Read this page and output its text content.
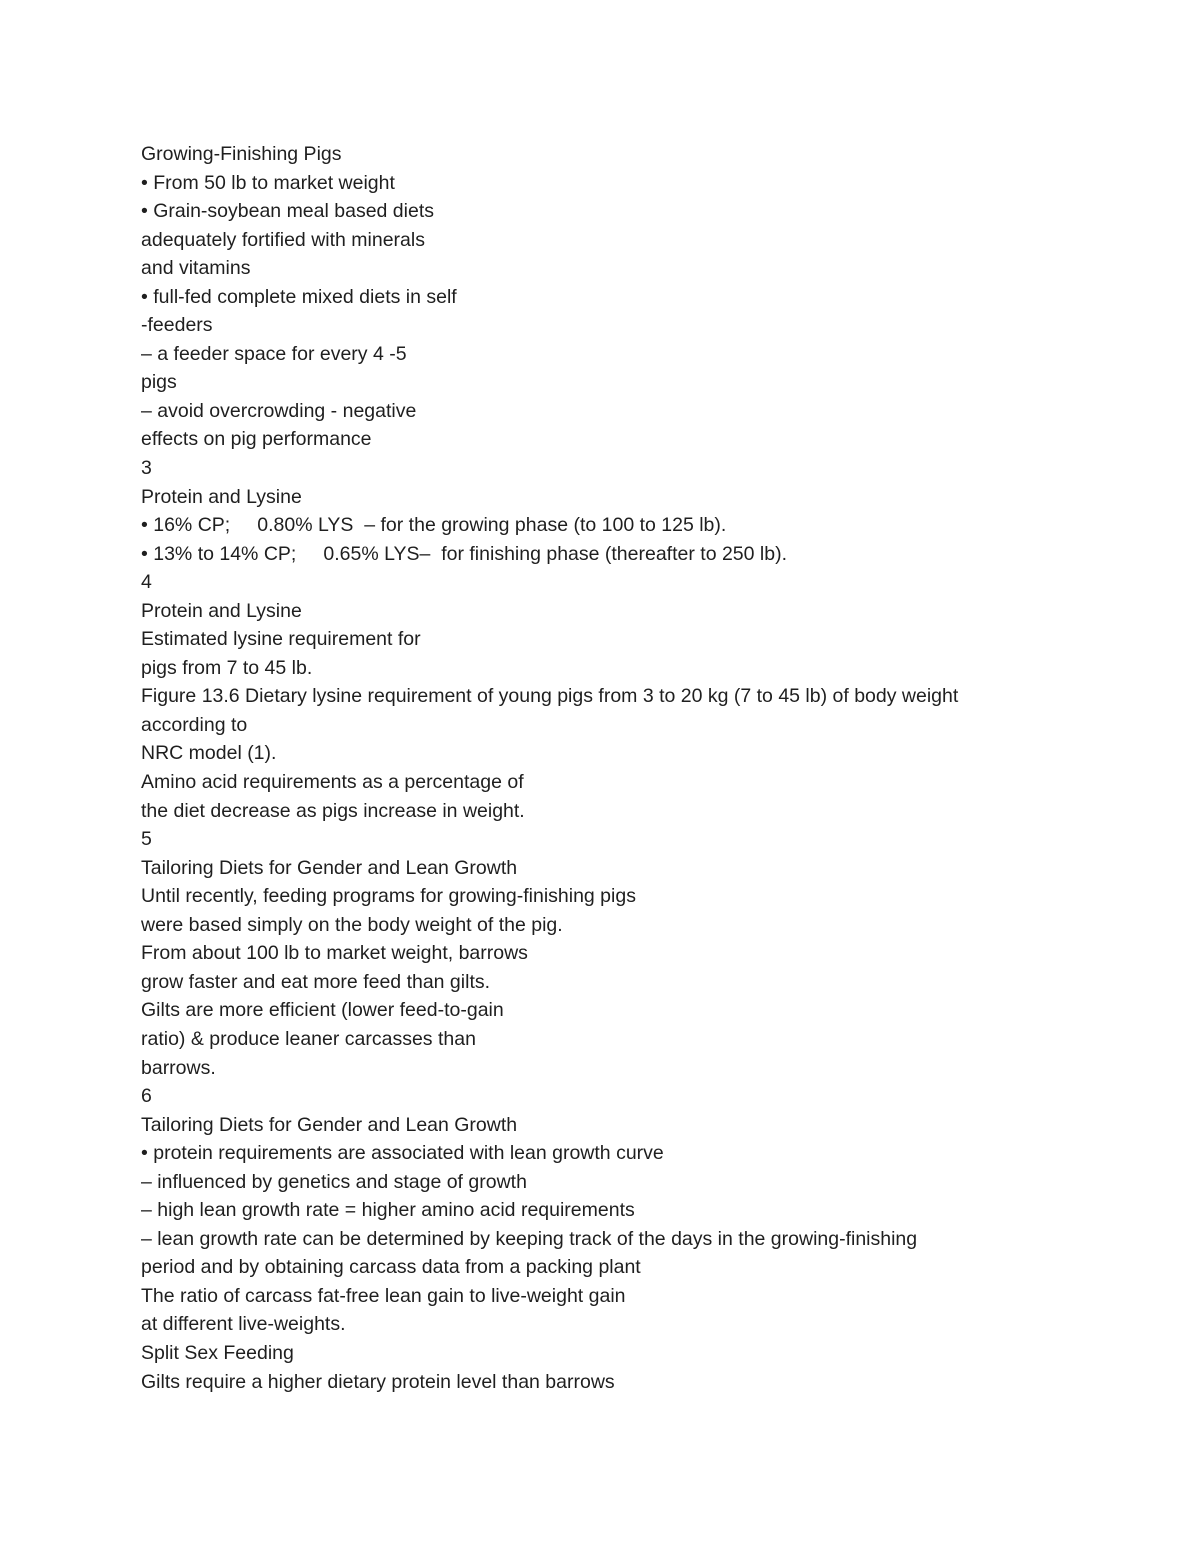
Growing-Finishing Pigs
• From 50 lb to market weight
• Grain-soybean meal based diets
adequately fortified with minerals
and vitamins
• full-fed complete mixed diets in self
-feeders
– a feeder space for every 4 -5
pigs
– avoid overcrowding - negative
effects on pig performance
3
Protein and Lysine
• 16% CP;     0.80% LYS  – for the growing phase (to 100 to 125 lb).
• 13% to 14% CP;     0.65% LYS–  for finishing phase (thereafter to 250 lb).
4
Protein and Lysine
Estimated lysine requirement for
pigs from 7 to 45 lb.
Figure 13.6 Dietary lysine requirement of young pigs from 3 to 20 kg (7 to 45 lb) of body weight
according to
NRC model (1).
Amino acid requirements as a percentage of
the diet decrease as pigs increase in weight.
5
Tailoring Diets for Gender and Lean Growth
Until recently, feeding programs for growing-finishing pigs
were based simply on the body weight of the pig.
From about 100 lb to market weight, barrows
grow faster and eat more feed than gilts.
Gilts are more efficient (lower feed-to-gain
ratio) & produce leaner carcasses than
barrows.
6
Tailoring Diets for Gender and Lean Growth
• protein requirements are associated with lean growth curve
– influenced by genetics and stage of growth
– high lean growth rate = higher amino acid requirements
– lean growth rate can be determined by keeping track of the days in the growing-finishing
period and by obtaining carcass data from a packing plant
The ratio of carcass fat-free lean gain to live-weight gain
at different live-weights.
Split Sex Feeding
Gilts require a higher dietary protein level than barrows
